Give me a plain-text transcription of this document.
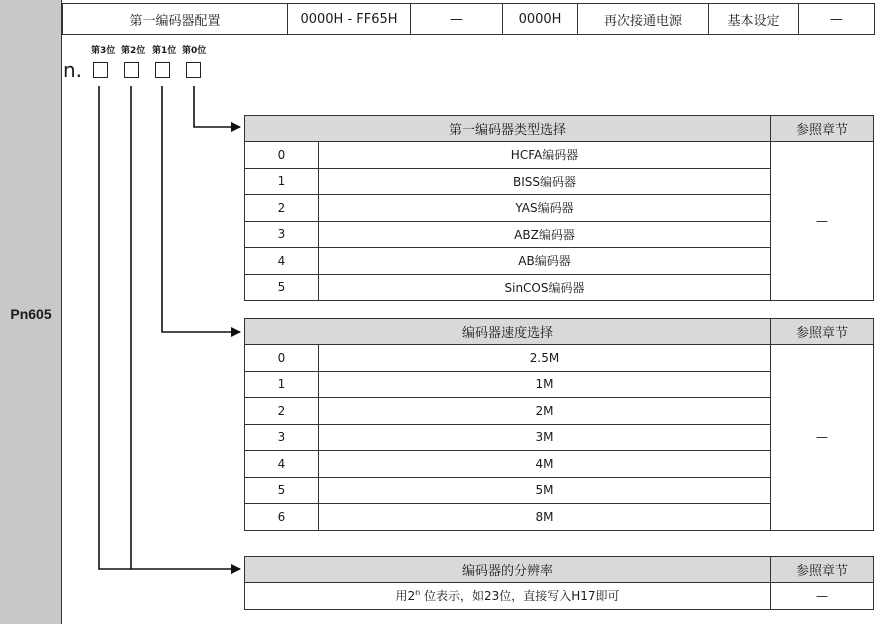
Pn605
第一编码器配置	0000H - FF65H	—	0000H	再次接通电源	基本设定	—
第3位 第2位 第1位 第0位
n.
第一编码器类型选择		参照章节
0	HCFA编码器	—
1	BISS编码器	
2	YAS编码器	
3	ABZ编码器	
4	AB编码器	
5	SinCOS编码器	
编码器速度选择		参照章节
0	2.5M	—
1	1M	
2	2M	
3	3M	
4	4M	
5	5M	
6	8M	
编码器的分辨率	参照章节
用2$^n$ 位表示，如23位，直接写入H17即可	—
